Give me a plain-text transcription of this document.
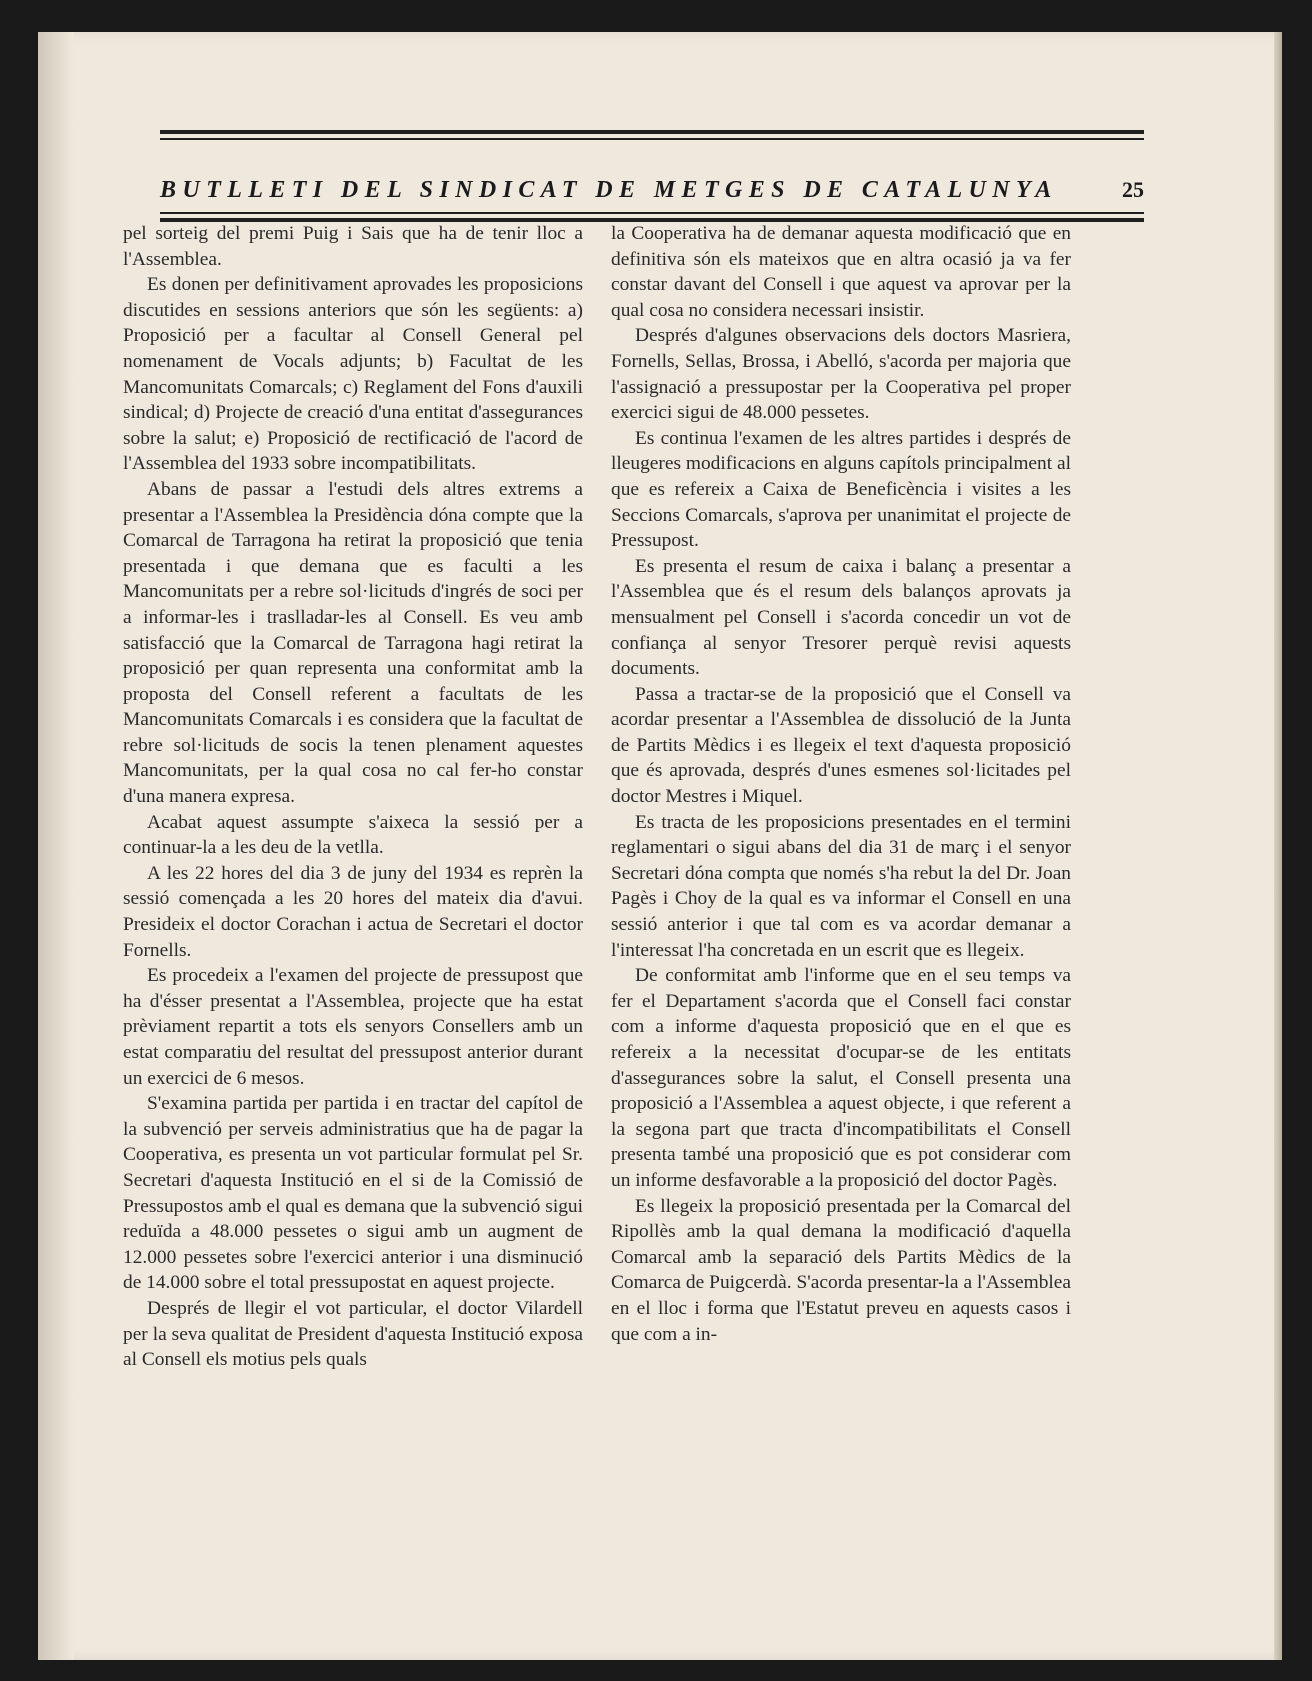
BUTLLETI DEL SINDICAT DE METGES DE CATALUNYA	25

pel sorteig del premi Puig i Sais que ha de tenir lloc a l'Assemblea.

Es donen per definitivament aprovades les proposicions discutides en sessions anteriors que són les següents: a) Proposició per a facultar al Consell General pel nomenament de Vocals adjunts; b) Facultat de les Mancomunitats Comarcals; c) Reglament del Fons d'auxili sindical; d) Projecte de creació d'una entitat d'assegurances sobre la salut; e) Proposició de rectificació de l'acord de l'Assemblea del 1933 sobre incompatibilitats.

Abans de passar a l'estudi dels altres extrems a presentar a l'Assemblea la Presidència dóna compte que la Comarcal de Tarragona ha retirat la proposició que tenia presentada i que demana que es faculti a les Mancomunitats per a rebre sol·licituds d'ingrés de soci per a informar-les i traslladar-les al Consell. Es veu amb satisfacció que la Comarcal de Tarragona hagi retirat la proposició per quan representa una conformitat amb la proposta del Consell referent a facultats de les Mancomunitats Comarcals i es considera que la facultat de rebre sol·licituds de socis la tenen plenament aquestes Mancomunitats, per la qual cosa no cal fer-ho constar d'una manera expresa.

Acabat aquest assumpte s'aixeca la sessió per a continuar-la a les deu de la vetlla.

A les 22 hores del dia 3 de juny del 1934 es reprèn la sessió començada a les 20 hores del mateix dia d'avui. Presideix el doctor Corachan i actua de Secretari el doctor Fornells.

Es procedeix a l'examen del projecte de pressupost que ha d'ésser presentat a l'Assemblea, projecte que ha estat prèviament repartit a tots els senyors Consellers amb un estat comparatiu del resultat del pressupost anterior durant un exercici de 6 mesos.

S'examina partida per partida i en tractar del capítol de la subvenció per serveis administratius que ha de pagar la Cooperativa, es presenta un vot particular formulat pel Sr. Secretari d'aquesta Institució en el si de la Comissió de Pressupostos amb el qual es demana que la subvenció sigui reduïda a 48.000 pessetes o sigui amb un augment de 12.000 pessetes sobre l'exercici anterior i una disminució de 14.000 sobre el total pressupostat en aquest projecte.

Després de llegir el vot particular, el doctor Vilardell per la seva qualitat de President d'aquesta Institució exposa al Consell els motius pels quals

la Cooperativa ha de demanar aquesta modificació que en definitiva són els mateixos que en altra ocasió ja va fer constar davant del Consell i que aquest va aprovar per la qual cosa no considera necessari insistir.

Després d'algunes observacions dels doctors Masriera, Fornells, Sellas, Brossa, i Abelló, s'acorda per majoria que l'assignació a pressupostar per la Cooperativa pel proper exercici sigui de 48.000 pessetes.

Es continua l'examen de les altres partides i després de lleugeres modificacions en alguns capítols principalment al que es refereix a Caixa de Beneficència i visites a les Seccions Comarcals, s'aprova per unanimitat el projecte de Pressupost.

Es presenta el resum de caixa i balanç a presentar a l'Assemblea que és el resum dels balanços aprovats ja mensualment pel Consell i s'acorda concedir un vot de confiança al senyor Tresorer perquè revisi aquests documents.

Passa a tractar-se de la proposició que el Consell va acordar presentar a l'Assemblea de dissolució de la Junta de Partits Mèdics i es llegeix el text d'aquesta proposició que és aprovada, després d'unes esmenes sol·licitades pel doctor Mestres i Miquel.

Es tracta de les proposicions presentades en el termini reglamentari o sigui abans del dia 31 de març i el senyor Secretari dóna compta que només s'ha rebut la del Dr. Joan Pagès i Choy de la qual es va informar el Consell en una sessió anterior i que tal com es va acordar demanar a l'interessat l'ha concretada en un escrit que es llegeix.

De conformitat amb l'informe que en el seu temps va fer el Departament s'acorda que el Consell faci constar com a informe d'aquesta proposició que en el que es refereix a la necessitat d'ocupar-se de les entitats d'assegurances sobre la salut, el Consell presenta una proposició a l'Assemblea a aquest objecte, i que referent a la segona part que tracta d'incompatibilitats el Consell presenta també una proposició que es pot considerar com un informe desfavorable a la proposició del doctor Pagès.

Es llegeix la proposició presentada per la Comarcal del Ripollès amb la qual demana la modificació d'aquella Comarcal amb la separació dels Partits Mèdics de la Comarca de Puigcerdà. S'acorda presentar-la a l'Assemblea en el lloc i forma que l'Estatut preveu en aquests casos i que com a in-
